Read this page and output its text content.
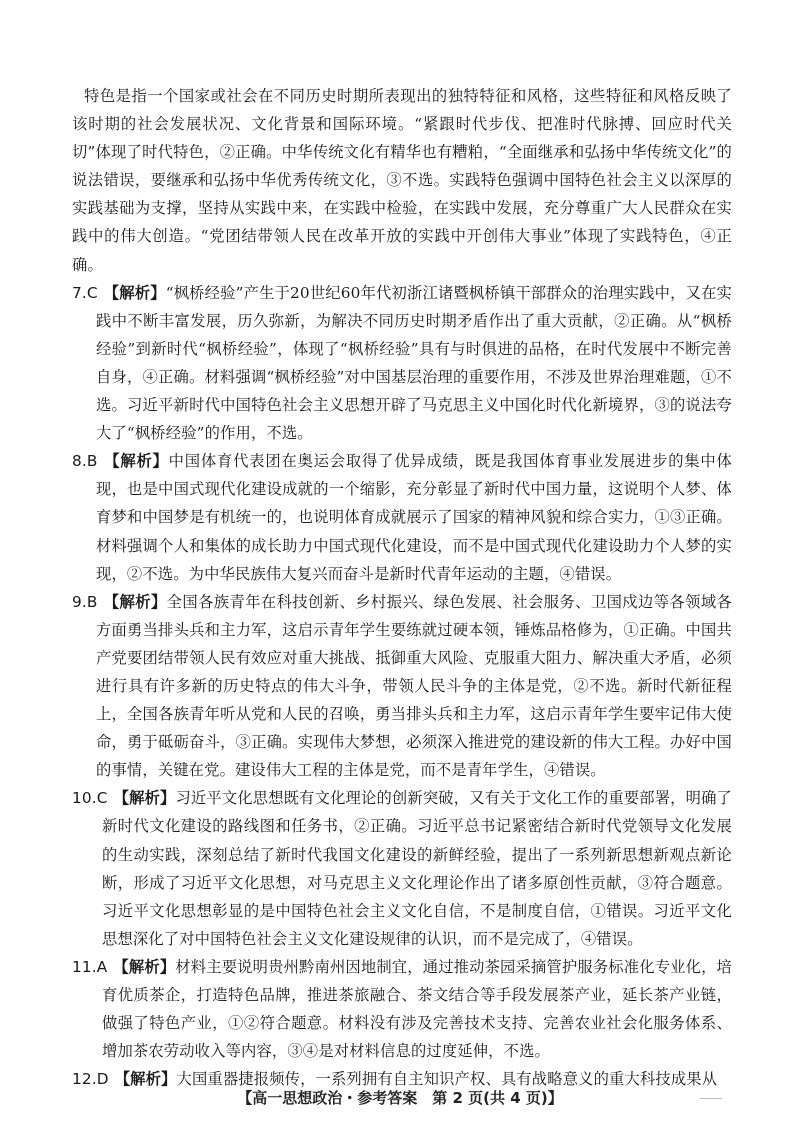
特色是指一个国家或社会在不同历史时期所表现出的独特特征和风格，这些特征和风格反映了该时期的社会发展状况、文化背景和国际环境。“紧跟时代步伐、把准时代脉搏、回应时代关切”体现了时代特色，②正确。中华传统文化有精华也有糟粕，“全面继承和弘扬中华传统文化”的说法错误，要继承和弘扬中华优秀传统文化，③不选。实践特色强调中国特色社会主义以深厚的实践基础为支撑，坚持从实践中来，在实践中检验，在实践中发展，充分尊重广大人民群众在实践中的伟大创造。“党团结带领人民在改革开放的实践中开创伟大事业”体现了实践特色，④正确。

7.C 【解析】“枫桥经验”产生于20世纪60年代初浙江诸暨枫桥镇干部群众的治理实践中，又在实践中不断丰富发展，历久弥新，为解决不同历史时期矛盾作出了重大贡献，②正确。从“枫桥经验”到新时代“枫桥经验”，体现了“枫桥经验”具有与时俱进的品格，在时代发展中不断完善自身，④正确。材料强调“枫桥经验”对中国基层治理的重要作用，不涉及世界治理难题，①不选。习近平新时代中国特色社会主义思想开辟了马克思主义中国化时代化新境界，③的说法夸大了“枫桥经验”的作用，不选。

8.B 【解析】中国体育代表团在奥运会取得了优异成绩，既是我国体育事业发展进步的集中体现，也是中国式现代化建设成就的一个缩影，充分彰显了新时代中国力量，这说明个人梦、体育梦和中国梦是有机统一的，也说明体育成就展示了国家的精神风貌和综合实力，①③正确。材料强调个人和集体的成长助力中国式现代化建设，而不是中国式现代化建设助力个人梦的实现，②不选。为中华民族伟大复兴而奋斗是新时代青年运动的主题，④错误。

9.B 【解析】全国各族青年在科技创新、乡村振兴、绿色发展、社会服务、卫国戍边等各领域各方面勇当排头兵和主力军，这启示青年学生要练就过硬本领，锤炼品格修为，①正确。中国共产党要团结带领人民有效应对重大挑战、抵御重大风险、克服重大阻力、解决重大矛盾，必须进行具有许多新的历史特点的伟大斗争，带领人民斗争的主体是党，②不选。新时代新征程上，全国各族青年听从党和人民的召唤，勇当排头兵和主力军，这启示青年学生要牢记伟大使命，勇于砥砺奋斗，③正确。实现伟大梦想，必须深入推进党的建设新的伟大工程。办好中国的事情，关键在党。建设伟大工程的主体是党，而不是青年学生，④错误。

10.C 【解析】习近平文化思想既有文化理论的创新突破，又有关于文化工作的重要部署，明确了新时代文化建设的路线图和任务书，②正确。习近平总书记紧密结合新时代党领导文化发展的生动实践，深刻总结了新时代我国文化建设的新鲜经验，提出了一系列新思想新观点新论断，形成了习近平文化思想，对马克思主义文化理论作出了诸多原创性贡献，③符合题意。习近平文化思想彰显的是中国特色社会主义文化自信，不是制度自信，①错误。习近平文化思想深化了对中国特色社会主义文化建设规律的认识，而不是完成了，④错误。

11.A 【解析】材料主要说明贵州黔南州因地制宜，通过推动茶园采摘管护服务标准化专业化，培育优质茶企，打造特色品牌，推进茶旅融合、茶文结合等手段发展茶产业，延长茶产业链，做强了特色产业，①②符合题意。材料没有涉及完善技术支持、完善农业社会化服务体系、增加茶农劳动收入等内容，③④是对材料信息的过度延伸，不选。

12.D 【解析】大国重器捷报频传，一系列拥有自主知识产权、具有战略意义的重大科技成果从

【高一思想政治・参考答案　第 2 页(共 4 页)】
